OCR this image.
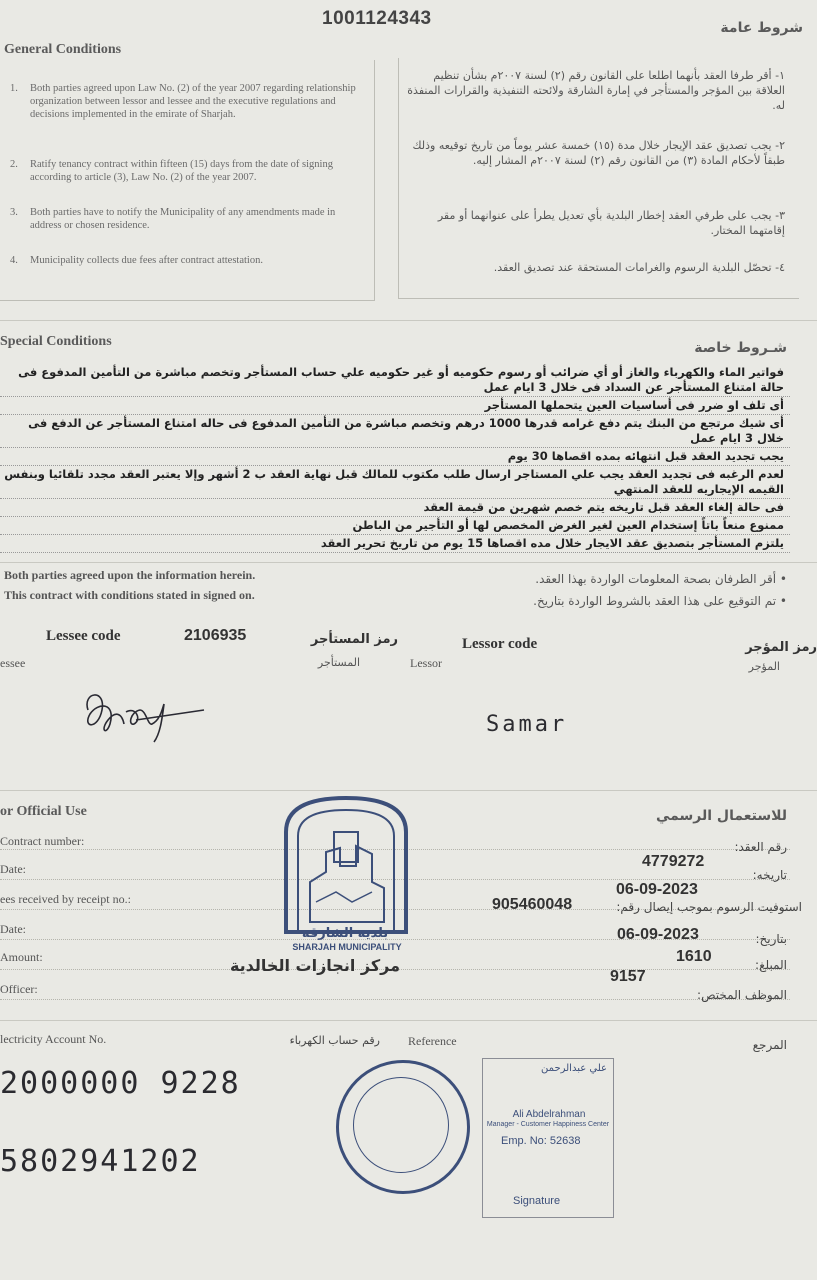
1001124343
General Conditions
شروط عامة
1. Both parties agreed upon Law No. (2) of the year 2007 regarding relationship organization between lessor and lessee and the executive regulations and decisions implemented in the emirate of Sharjah.
2. Ratify tenancy contract within fifteen (15) days from the date of signing according to article (3), Law No. (2) of the year 2007.
3. Both parties have to notify the Municipality of any amendments made in address or chosen residence.
4. Municipality collects due fees after contract attestation.
١- أقر طرفا العقد بأنهما اطلعا على القانون رقم (٢) لسنة ٢٠٠٧م بشأن تنظيم العلاقة بين المؤجر والمستأجر في إمارة الشارقة ولائحته التنفيذية والقرارات المنفذة له.
٢- يجب تصديق عقد الإيجار خلال مدة (١٥) خمسة عشر يوماً من تاريخ توقيعه وذلك طبقاً لأحكام المادة (٣) من القانون رقم (٢) لسنة ٢٠٠٧م المشار إليه.
٣- يجب على طرفي العقد إخطار البلدية بأي تعديل يطرأ على عنوانهما أو مقر إقامتهما المختار.
٤- تحصّل البلدية الرسوم والغرامات المستحقة عند تصديق العقد.
Special Conditions	شـروط خاصة
فواتير الماء والكهرباء والغاز أو أي ضرائب أو رسوم حكوميه أو غير حكوميه علي حساب المستأجر وتخصم مباشرة من التأمين المدفوع فى حالة امتناع المستأجر عن السداد فى خلال 3 ايام عمل
أى تلف او ضرر فى أساسيات العين يتحملها المستأجر
أى شيك مرتجع من البنك يتم دفع غرامه قدرها 1000 درهم وتخصم مباشرة من التأمين المدفوع فى حاله امتناع المستأجر عن الدفع فى خلال 3 ايام عمل
يجب تجديد العقد قبل انتهائه بمده اقصاها 30 يوم
لعدم الرغبه فى تجديد العقد يجب علي المستاجر ارسال طلب مكتوب للمالك قبل نهاية العقد ب 2 أشهر وإلا يعتبر العقد مجدد تلقائيا وبنفس القيمه الإيجاريه للعقد المنتهي
فى حالة إلغاء العقد قبل تاريخه يتم خصم شهرين من قيمة العقد
ممنوع منعاً باتاً إستخدام العين لغير الغرض المخصص لها أو التأجير من الباطن
يلتزم المستأجر بتصديق عقد الايجار خلال مده اقصاها 15 يوم من تاريخ تحرير العقد
Both parties agreed upon the information herein.
This contract with conditions stated in signed on.
• أقر الطرفان بصحة المعلومات الواردة بهذا العقد.
• تم التوقيع على هذا العقد بالشروط الواردة بتاريخ.
Lessee code	2106935	رمز المستأجر	Lessor code	رمز المؤجر
essee	المستأجر	Lessor	المؤجر
Samar
or Official Use	للاستعمال الرسمي
Contract number:	رقم العقد:
4779272
Date:	تاريخه:
06-09-2023
ees received by receipt no.:
استوفيت الرسوم بموجب إيصال رقم:
905460048
Date:
بتاريخ:
06-09-2023
Amount:
المبلغ:
1610
Officer:	الموظف المختص:
9157
مركز انجازات الخالدية
بلدية الشارقة
SHARJAH MUNICIPALITY
lectricity Account No.	رقم حساب الكهرباء Reference	المرجع
2000000 9228
5802941202
علي عبدالرحمن
Ali Abdelrahman
Manager - Customer Happiness Center
Emp. No: 52638
Signature
